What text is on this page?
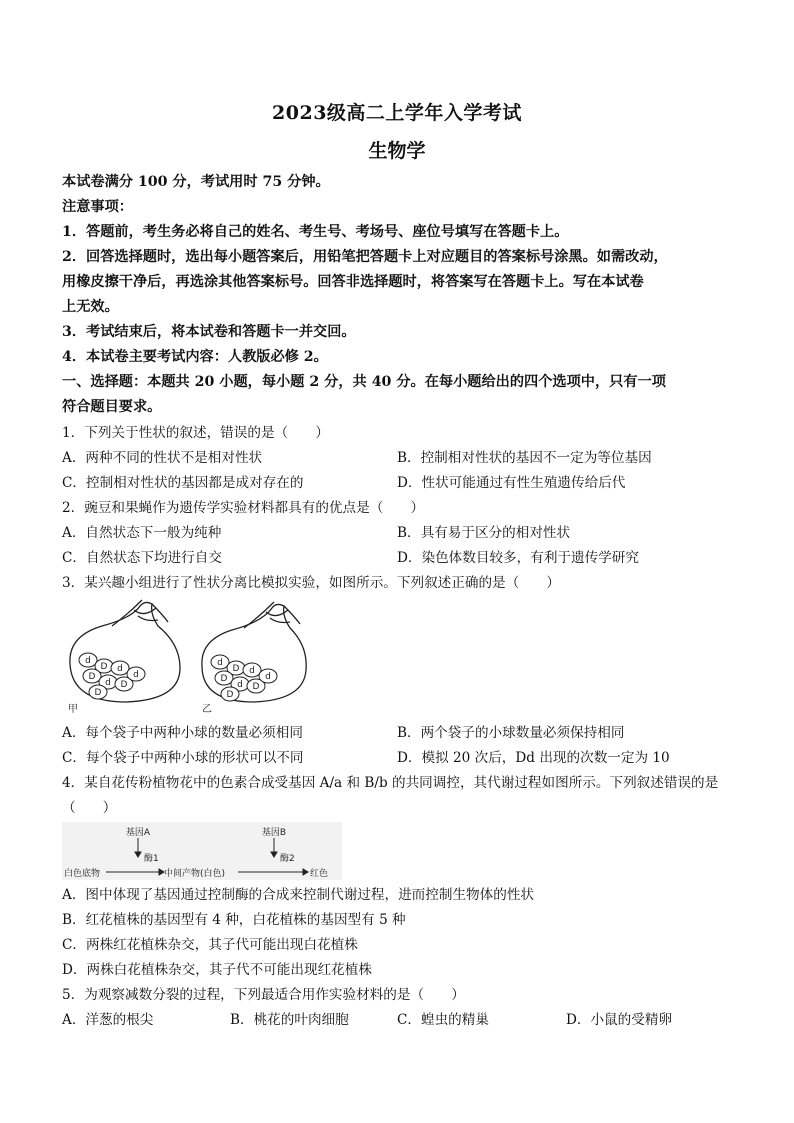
2023级高二上学年入学考试
生物学
本试卷满分 100 分，考试用时 75 分钟。
注意事项：
1．答题前，考生务必将自己的姓名、考生号、考场号、座位号填写在答题卡上。
2．回答选择题时，选出每小题答案后，用铅笔把答题卡上对应题目的答案标号涂黑。如需改动，
用橡皮擦干净后，再选涂其他答案标号。回答非选择题时，将答案写在答题卡上。写在本试卷
上无效。
3．考试结束后，将本试卷和答题卡一并交回。
4．本试卷主要考试内容：人教版必修 2。
一、选择题：本题共 20 小题，每小题 2 分，共 40 分。在每小题给出的四个选项中，只有一项
符合题目要求。
1．下列关于性状的叙述，错误的是（　　）
A．两种不同的性状不是相对性状	B．控制相对性状的基因不一定为等位基因
C．控制相对性状的基因都是成对存在的	D．性状可能通过有性生殖遗传给后代
2．豌豆和果蝇作为遗传学实验材料都具有的优点是（　　）
A．自然状态下一般为纯种	B．具有易于区分的相对性状
C．自然状态下均进行自交	D．染色体数目较多，有利于遗传学研究
3．某兴趣小组进行了性状分离比模拟实验，如图所示。下列叙述正确的是（　　）
d
D d
D
d D
d
D
d
D d
D
d D
d
D
甲	乙
A．每个袋子中两种小球的数量必须相同	B．两个袋子的小球数量必须保持相同
C．每个袋子中两种小球的形状可以不同	D．模拟 20 次后，Dd 出现的次数一定为 10
4．某自花传粉植物花中的色素合成受基因 A/a 和 B/b 的共同调控，其代谢过程如图所示。下列叙述错误的是
（　　）
基因A	基因B
酶1	酶2
白色底物	中间产物(白色)	红色
A．图中体现了基因通过控制酶的合成来控制代谢过程，进而控制生物体的性状
B．红花植株的基因型有 4 种，白花植株的基因型有 5 种
C．两株红花植株杂交，其子代可能出现白花植株
D．两株白花植株杂交，其子代不可能出现红花植株
5．为观察减数分裂的过程，下列最适合用作实验材料的是（　　）
A．洋葱的根尖	B．桃花的叶肉细胞	C．蝗虫的精巢	D．小鼠的受精卵
